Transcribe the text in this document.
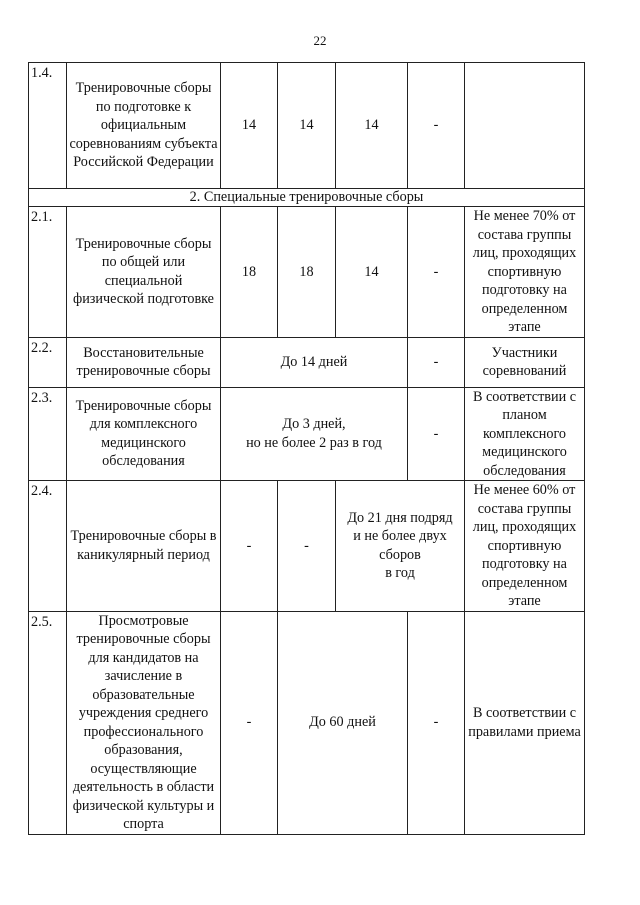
22
1.4.	Тренировочные сборы по подготовке к официальным соревнованиям субъекта Российской Федерации	14	14	14	-	
2. Специальные тренировочные сборы						
2.1.	Тренировочные сборы по общей или специальной физической подготовке	18	18	14	-	Не менее 70% от состава группы лиц, проходящих спортивную подготовку на определенном этапе
2.2.	Восстановительные тренировочные сборы	До 14 дней			-	Участники соревнований
2.3.	Тренировочные сборы для комплексного медицинского обследования	До 3 дней,
но не более 2 раз в год			-	В соответствии с планом комплексного медицинского обследования
2.4.	Тренировочные сборы в каникулярный период	-	-	До 21 дня подряд
и не более двух
сборов
в год		Не менее 60% от состава группы лиц, проходящих спортивную подготовку на определенном этапе
2.5.	Просмотровые тренировочные сборы для кандидатов на зачисление в образовательные учреждения среднего профессионального образования, осуществляющие деятельность в области физической культуры и спорта	-	До 60 дней		-	В соответствии с правилами приема
